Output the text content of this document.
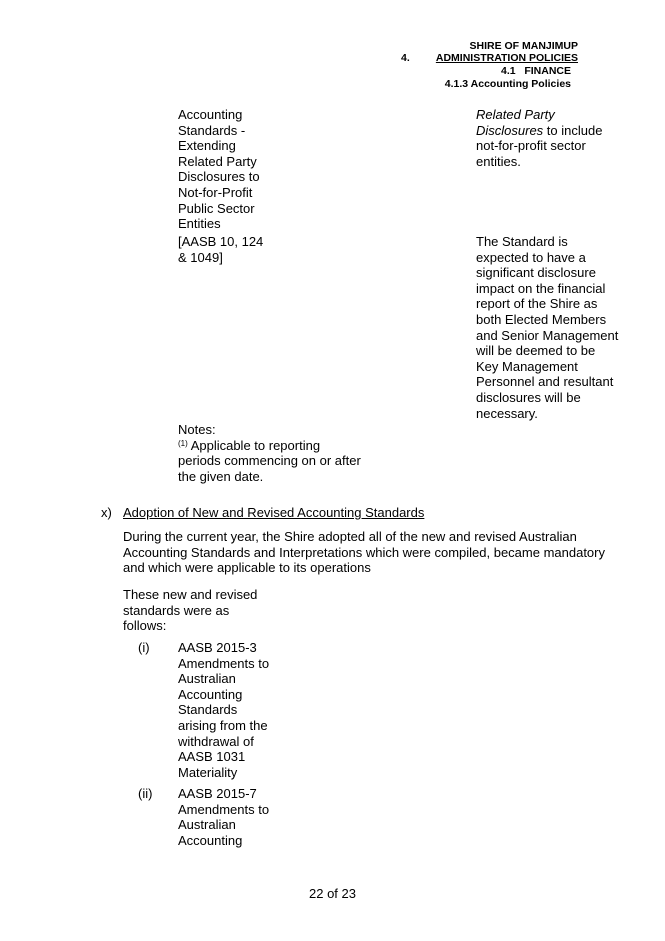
SHIRE OF MANJIMUP
4.	ADMINISTRATION POLICIES
4.1   FINANCE
4.1.3 Accounting Policies
Accounting
Standards -
Extending
Related Party
Disclosures to
Not-for-Profit
Public Sector
Entities
Related Party
Disclosures to include
not-for-profit sector
entities.
[AASB 10, 124
& 1049]
The Standard is
expected to have a
significant disclosure
impact on the financial
report of the Shire as
both Elected Members
and Senior Management
will be deemed to be
Key Management
Personnel and resultant
disclosures will be
necessary.
Notes:
$^{(1)}$ Applicable to reporting
periods commencing on or after
the given date.
x) Adoption of New and Revised Accounting Standards
During the current year, the Shire adopted all of the new and revised Australian
Accounting Standards and Interpretations which were compiled, became mandatory
and which were applicable to its operations
These new and revised
standards were as
follows:
(i) AASB 2015-3
Amendments to
Australian
Accounting
Standards
arising from the
withdrawal of
AASB 1031
Materiality
(ii) AASB 2015-7
Amendments to
Australian
Accounting
22 of 23
